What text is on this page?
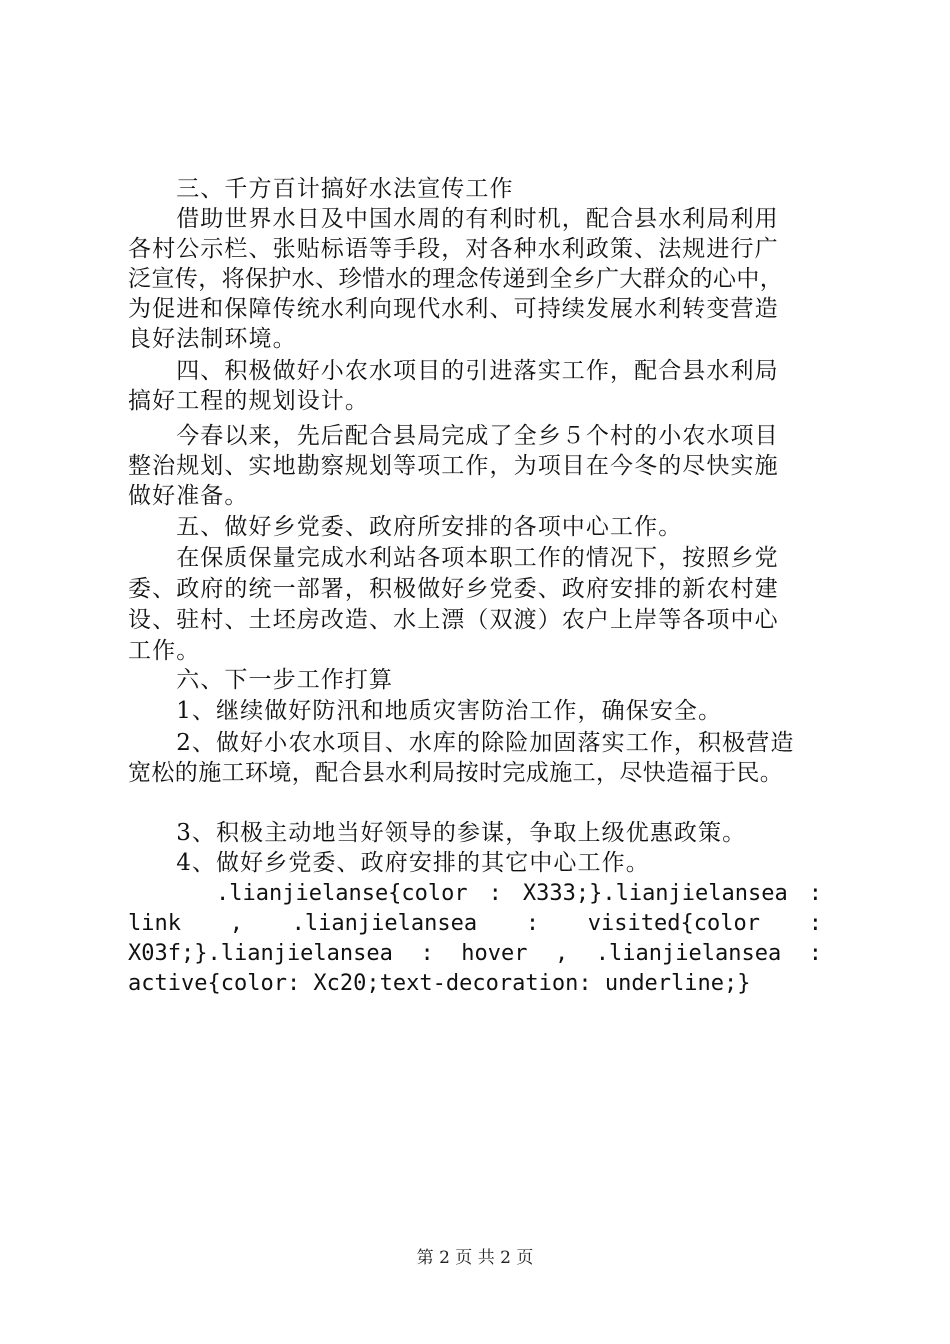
　　三、千方百计搞好水法宣传工作
　　借助世界水日及中国水周的有利时机，配合县水利局利用
各村公示栏、张贴标语等手段，对各种水利政策、法规进行广
泛宣传，将保护水、珍惜水的理念传递到全乡广大群众的心中，
为促进和保障传统水利向现代水利、可持续发展水利转变营造
良好法制环境。
　　四、积极做好小农水项目的引进落实工作，配合县水利局
搞好工程的规划设计。
　　今春以来，先后配合县局完成了全乡５个村的小农水项目
整治规划、实地勘察规划等项工作，为项目在今冬的尽快实施
做好准备。
　　五、做好乡党委、政府所安排的各项中心工作。
　　在保质保量完成水利站各项本职工作的情况下，按照乡党
委、政府的统一部署，积极做好乡党委、政府安排的新农村建
设、驻村、土坯房改造、水上漂（双渡）农户上岸等各项中心
工作。
　　六、下一步工作打算
　　1、继续做好防汛和地质灾害防治工作，确保安全。
　　2、做好小农水项目、水库的除险加固落实工作，积极营造
宽松的施工环境，配合县水利局按时完成施工，尽快造福于民。
　　3、积极主动地当好领导的参谋，争取上级优惠政策。
　　4、做好乡党委、政府安排的其它中心工作。
　　　　.lianjielanse{color : X333;}.lianjielansea :
link , .lianjielansea : visited{color :
X03f;}.lianjielansea : hover , .lianjielansea :
active{color: Xc20;text-decoration: underline;}
第 2 页 共 2 页
